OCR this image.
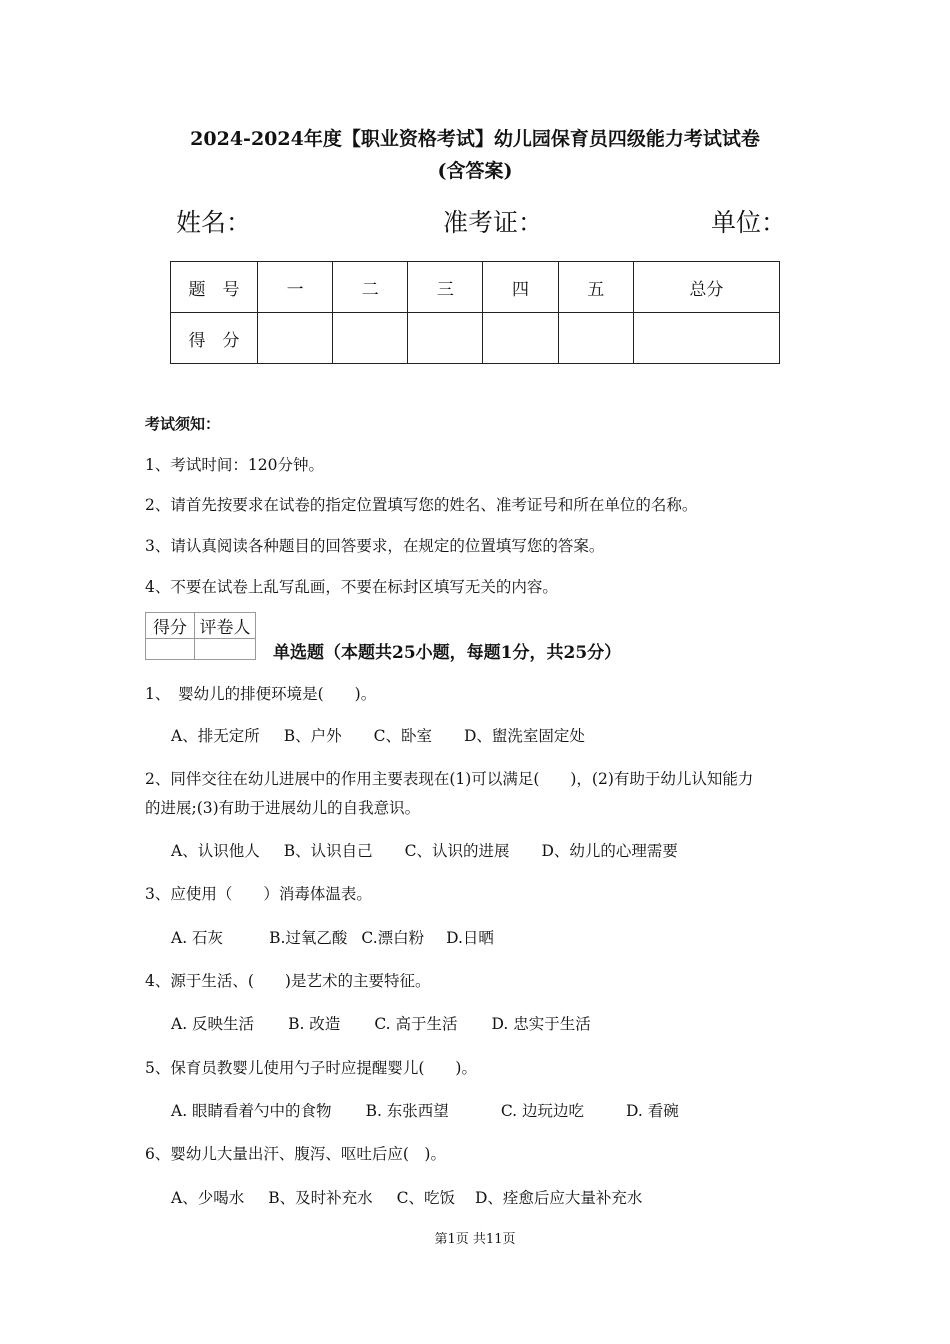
2024-2024年度【职业资格考试】幼儿园保育员四级能力考试试卷
(含答案)
姓名：	准考证：	单位：
题　号	一	二	三	四	五	总分
得　分						
考试须知：
1、考试时间：120分钟。
2、请首先按要求在试卷的指定位置填写您的姓名、准考证号和所在单位的名称。
3、请认真阅读各种题目的回答要求，在规定的位置填写您的答案。
4、不要在试卷上乱写乱画，不要在标封区填写无关的内容。
得分	评卷人

单选题（本题共25小题，每题1分，共25分）
1、　婴幼儿的排便环境是(　　)。
A、排无定所 B、户外 C、卧室 D、盥洗室固定处
2、同伴交往在幼儿进展中的作用主要表现在(1)可以满足(　　)，(2)有助于幼儿认知能力
的进展;(3)有助于进展幼儿的自我意识。
A、认识他人 B、认识自己 C、认识的进展 D、幼儿的心理需要
3、应使用（　　）消毒体温表。
A. 石灰	B.过氧乙酸 C.漂白粉 D.日晒
4、源于生活、(　　)是艺术的主要特征。
A. 反映生活 B. 改造 C. 高于生活 D. 忠实于生活
5、保育员教婴儿使用勺子时应提醒婴儿(　　)。
A. 眼睛看着勺中的食物 B. 东张西望	C. 边玩边吃	D. 看碗
6、婴幼儿大量出汗、腹泻、呕吐后应(　)。
A、少喝水 B、及时补充水 C、吃饭 D、痊愈后应大量补充水
第1页 共11页
